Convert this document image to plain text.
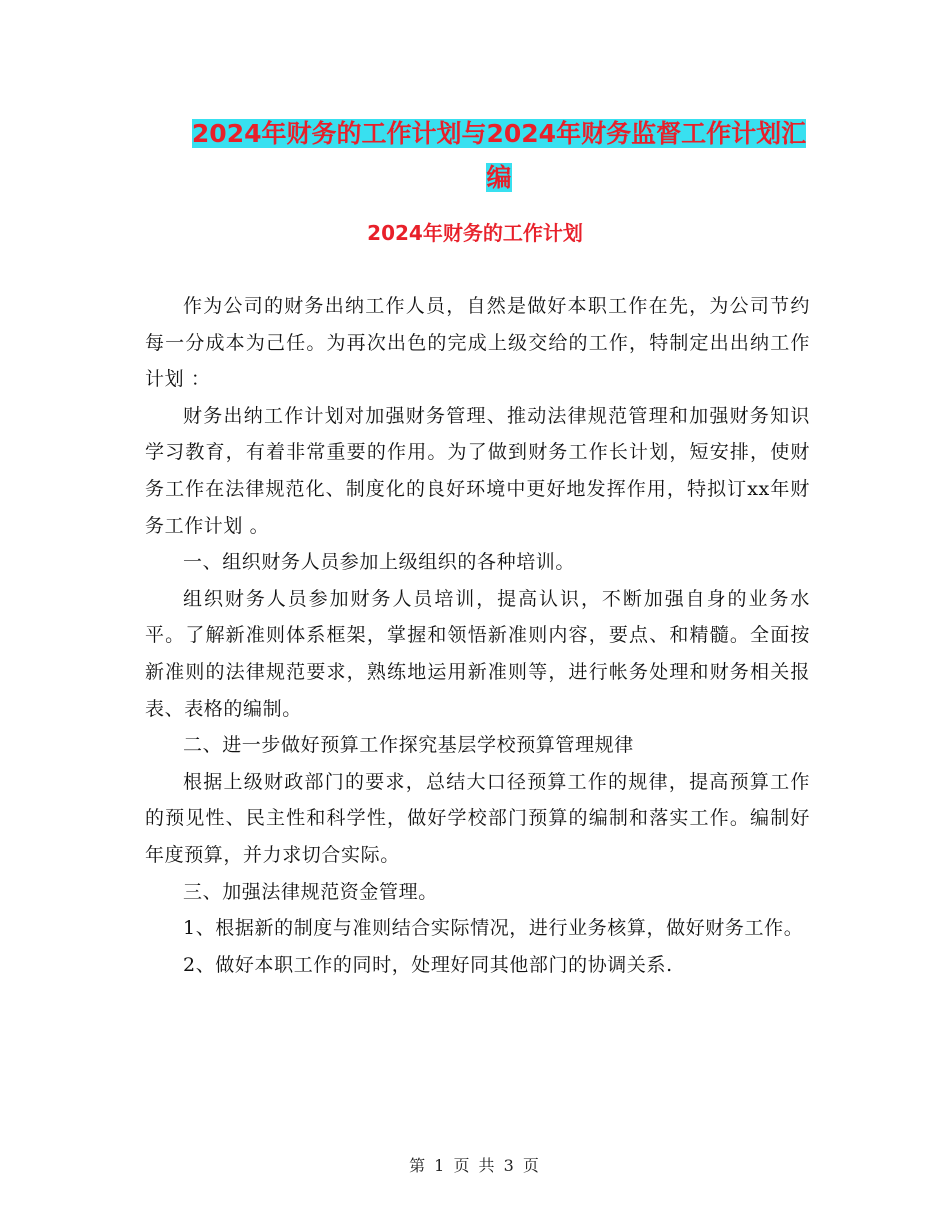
2024年财务的工作计划与2024年财务监督工作计划汇编
2024年财务的工作计划

作为公司的财务出纳工作人员，自然是做好本职工作在先，为公司节约每一分成本为己任。为再次出色的完成上级交给的工作，特制定出出纳工作计划 ：

财务出纳工作计划对加强财务管理、推动法律规范管理和加强财务知识学习教育，有着非常重要的作用。为了做到财务工作长计划，短安排，使财务工作在法律规范化、制度化的良好环境中更好地发挥作用，特拟订xx年财务工作计划 。

一、组织财务人员参加上级组织的各种培训。

组织财务人员参加财务人员培训，提高认识，不断加强自身的业务水平。了解新准则体系框架，掌握和领悟新准则内容，要点、和精髓。全面按新准则的法律规范要求，熟练地运用新准则等，进行帐务处理和财务相关报表、表格的编制。

二、进一步做好预算工作探究基层学校预算管理规律

根据上级财政部门的要求，总结大口径预算工作的规律，提高预算工作的预见性、民主性和科学性，做好学校部门预算的编制和落实工作。编制好年度预算，并力求切合实际。

三、加强法律规范资金管理。

1、根据新的制度与准则结合实际情况，进行业务核算，做好财务工作。

2、做好本职工作的同时，处理好同其他部门的协调关系.

第 1 页 共 3 页
